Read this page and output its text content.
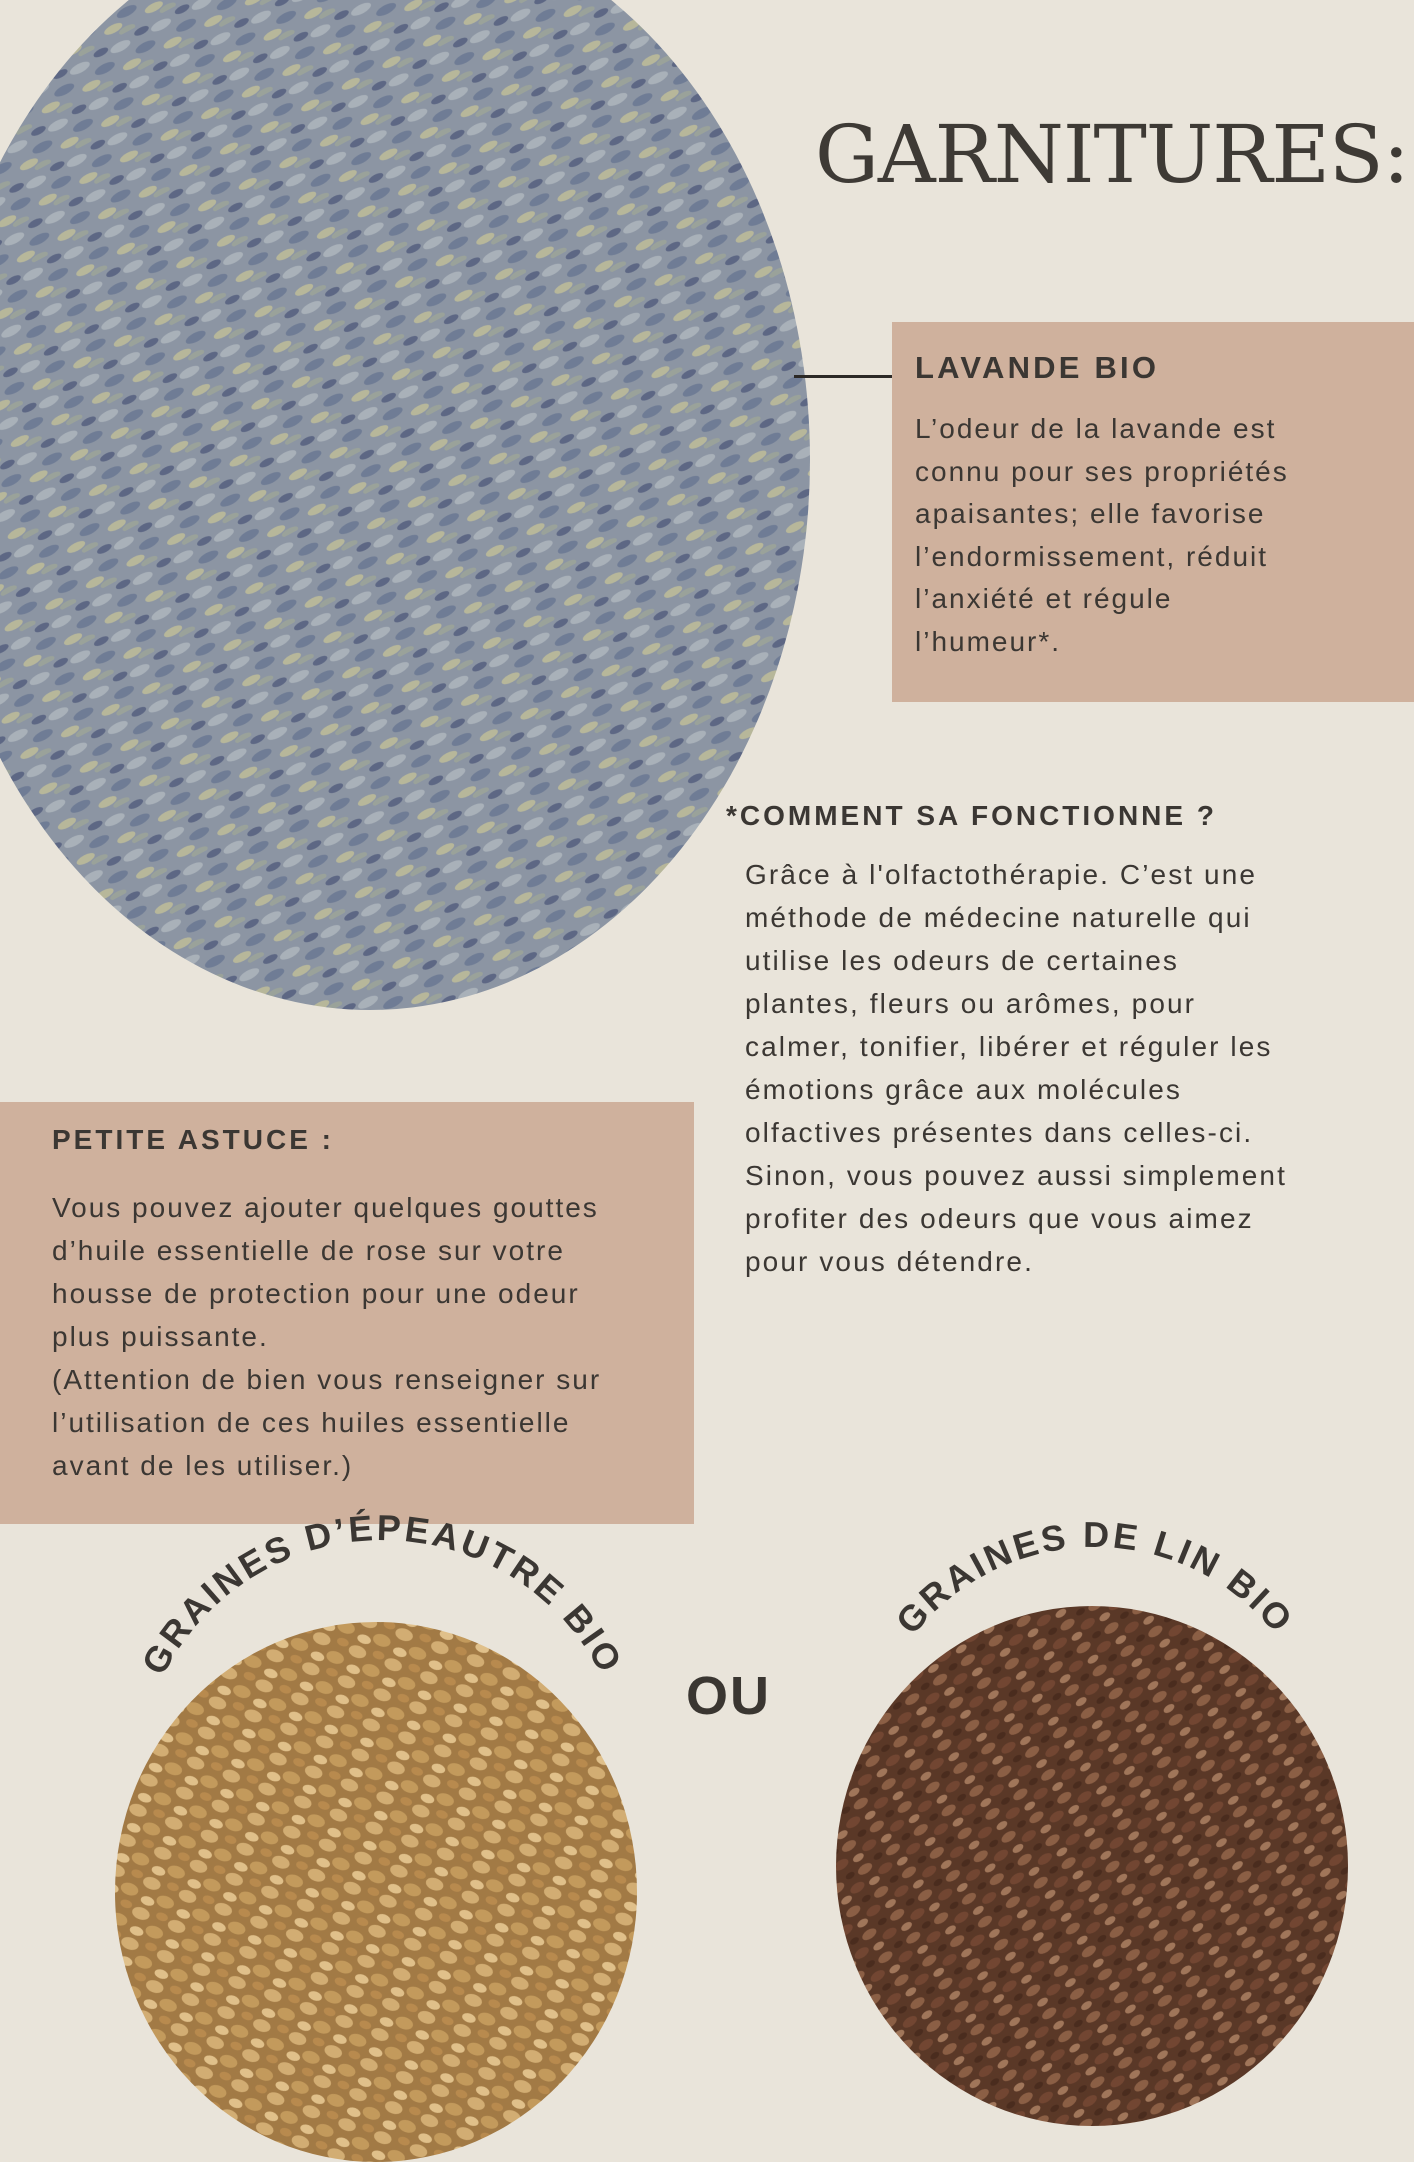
GARNITURES:
LAVANDE BIO
L’odeur de la lavande est
connu pour ses propriétés
apaisantes; elle favorise
l’endormissement, réduit
l’anxiété et régule
l’humeur*.
*COMMENT SA FONCTIONNE ?
Grâce à l'olfactothérapie. C’est une
méthode de médecine naturelle qui
utilise les odeurs de certaines
plantes, fleurs ou arômes, pour
calmer, tonifier, libérer et réguler les
émotions grâce aux molécules
olfactives présentes dans celles-ci.
Sinon, vous pouvez aussi simplement
profiter des odeurs que vous aimez
pour vous détendre.
PETITE ASTUCE :
Vous pouvez ajouter quelques gouttes
d’huile essentielle de rose sur votre
housse de protection pour une odeur
plus puissante.
(Attention de bien vous renseigner sur
l’utilisation de ces huiles essentielle
avant de les utiliser.)
GRAINES D’ÉPEAUTRE BIO
OU
GRAINES DE LIN BIO
